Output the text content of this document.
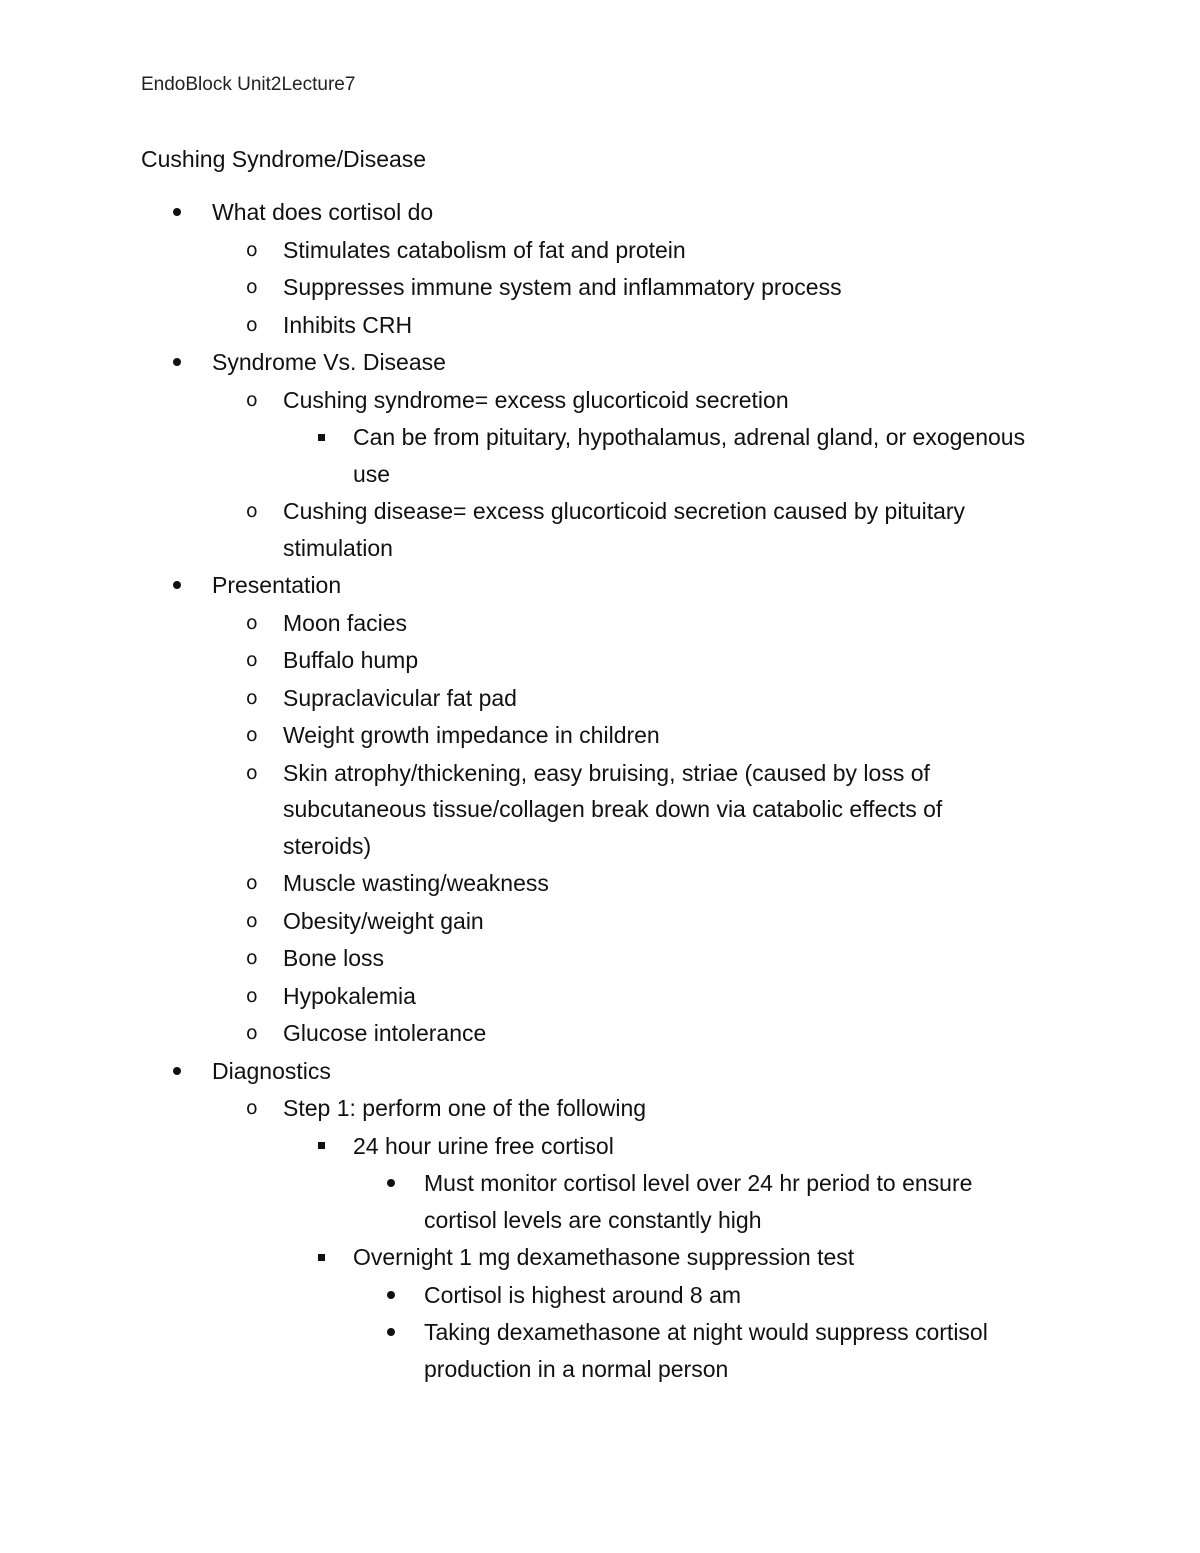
EndoBlock Unit2Lecture7
Cushing Syndrome/Disease
What does cortisol do
o Stimulates catabolism of fat and protein
o Suppresses immune system and inflammatory process
o Inhibits CRH
Syndrome Vs. Disease
o Cushing syndrome= excess glucorticoid secretion
Can be from pituitary, hypothalamus, adrenal gland, or exogenous use
o Cushing disease= excess glucorticoid secretion caused by pituitary stimulation
Presentation
o Moon facies
o Buffalo hump
o Supraclavicular fat pad
o Weight growth impedance in children
o Skin atrophy/thickening, easy bruising, striae (caused by loss of subcutaneous tissue/collagen break down via catabolic effects of steroids)
o Muscle wasting/weakness
o Obesity/weight gain
o Bone loss
o Hypokalemia
o Glucose intolerance
Diagnostics
o Step 1: perform one of the following
24 hour urine free cortisol
Must monitor cortisol level over 24 hr period to ensure cortisol levels are constantly high
Overnight 1 mg dexamethasone suppression test
Cortisol is highest around 8 am
Taking dexamethasone at night would suppress cortisol production in a normal person
